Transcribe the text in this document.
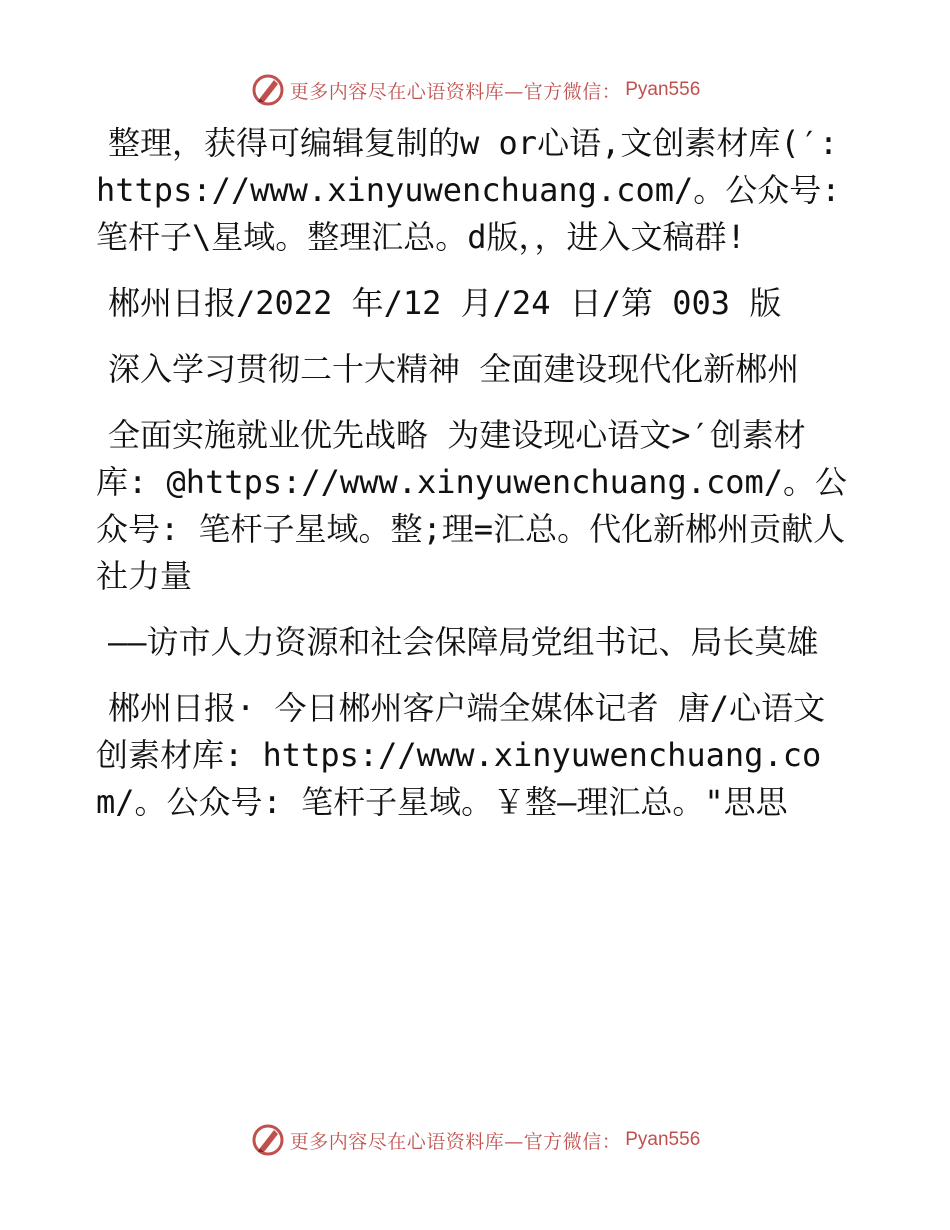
更多内容尽在心语资料库—官方微信： Pyan556

整理，获得可编辑复制的w or心语,文创素材库(′: https://www.xinyuwenchuang.com/。公众号: 笔杆子\星域。整理汇总。d版，，进入文稿群!

郴州日报/2022 年/12 月/24 日/第 003 版

深入学习贯彻二十大精神 全面建设现代化新郴州

全面实施就业优先战略 为建设现心语文>′创素材库: @https://www.xinyuwenchuang.com/。公众号: 笔杆子星域。整;理=汇总。代化新郴州贡献人社力量

——访市人力资源和社会保障局党组书记、局长莫雄

郴州日报· 今日郴州客户端全媒体记者 唐/心语文创素材库: https://www.xinyuwenchuang.com/。公众号: 笔杆子星域。￥整—理汇总。"思思

更多内容尽在心语资料库—官方微信： Pyan556
